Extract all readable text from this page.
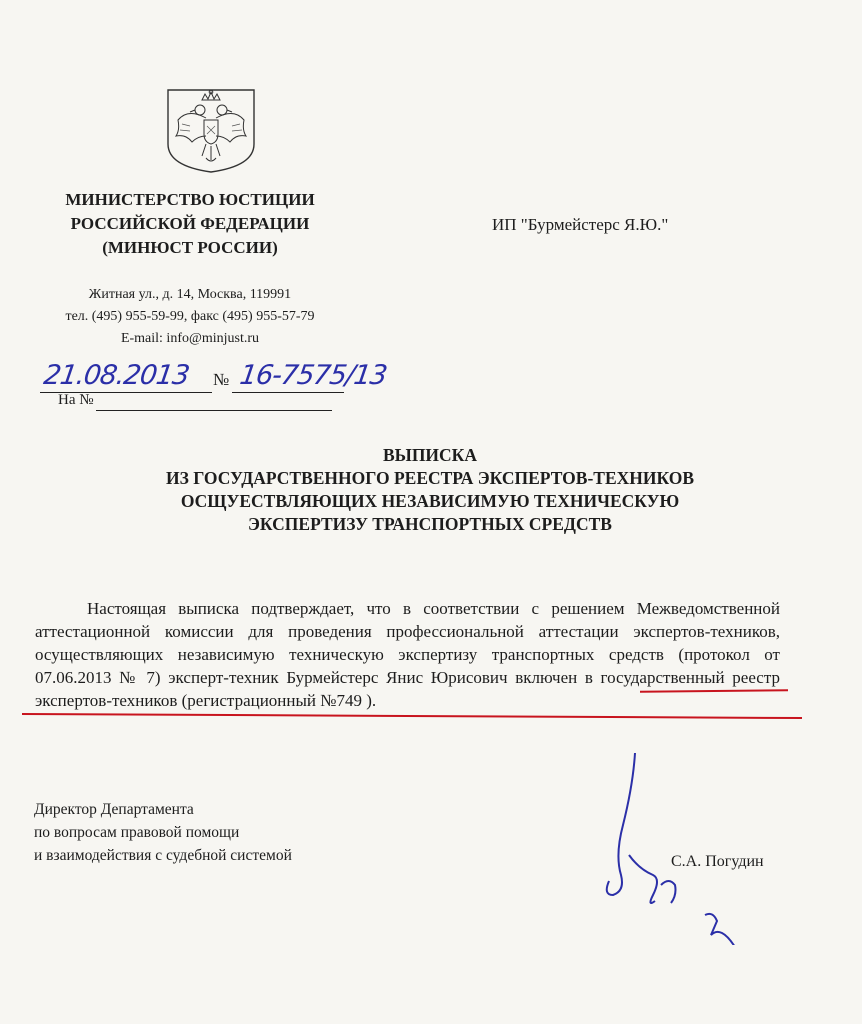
МИНИСТЕРСТВО ЮСТИЦИИ
РОССИЙСКОЙ ФЕДЕРАЦИИ
(МИНЮСТ РОССИИ)
Житная ул., д. 14, Москва, 119991
тел. (495) 955-59-99, факс (495) 955-57-79
E-mail: info@minjust.ru
ИП "Бурмейстерс Я.Ю."
21.08.2013 № 16-7575/13
На №
ВЫПИСКА
ИЗ ГОСУДАРСТВЕННОГО РЕЕСТРА ЭКСПЕРТОВ-ТЕХНИКОВ
ОСЩУЕСТВЛЯЮЩИХ НЕЗАВИСИМУЮ ТЕХНИЧЕСКУЮ
ЭКСПЕРТИЗУ ТРАНСПОРТНЫХ СРЕДСТВ

Настоящая выписка подтверждает, что в соответствии с решением Межведомственной аттестационной комиссии для проведения профессиональной аттестации экспертов-техников, осуществляющих независимую техническую экспертизу транспортных средств (протокол от 07.06.2013 № 7) эксперт-техник Бурмейстерс Янис Юрисович включен в государственный реестр экспертов-техников (регистрационный №749 ).

Директор Департамента
по вопросам правовой помощи
и взаимодействия с судебной системой	С.А. Погудин
